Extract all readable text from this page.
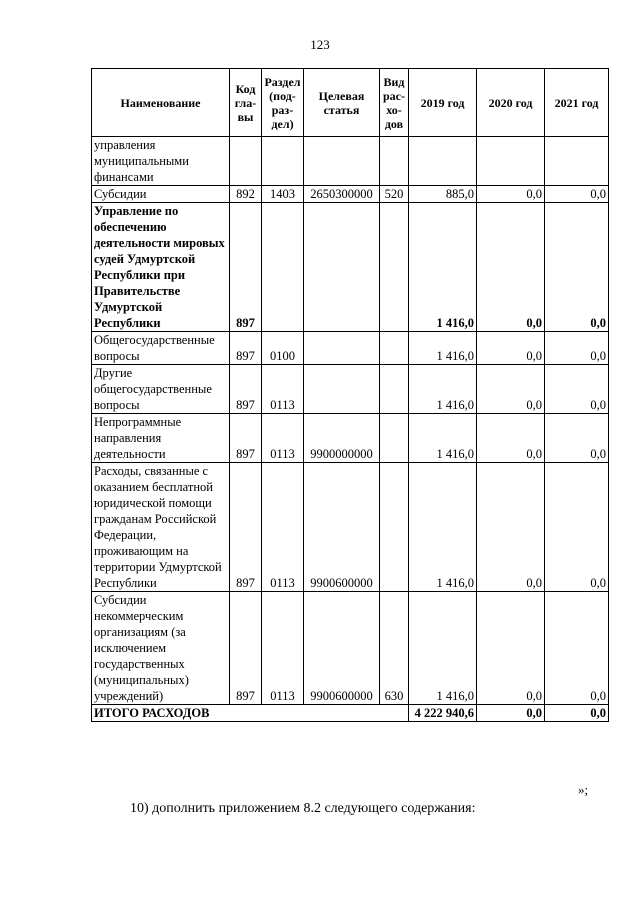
123
Наименование	Код гла-вы	Раздел (под-раз-дел)	Целевая статья	Вид рас-хо-дов	2019 год	2020 год	2021 год
управления муниципальными финансами							
Субсидии	892	1403	2650300000	520	885,0	0,0	0,0
Управление по обеспечению деятельности мировых судей Удмуртской Республики при Правительстве Удмуртской Республики	897				1 416,0	0,0	0,0
Общегосударственные вопросы	897	0100			1 416,0	0,0	0,0
Другие общегосударственные вопросы	897	0113			1 416,0	0,0	0,0
Непрограммные направления деятельности	897	0113	9900000000		1 416,0	0,0	0,0
Расходы, связанные с оказанием бесплатной юридической помощи гражданам Российской Федерации, проживающим на территории Удмуртской Республики	897	0113	9900600000		1 416,0	0,0	0,0
Субсидии некоммерческим организациям (за исключением государственных (муниципальных) учреждений)	897	0113	9900600000	630	1 416,0	0,0	0,0
ИТОГО РАСХОДОВ					4 222 940,6	0,0	0,0
»;
10) дополнить приложением 8.2 следующего содержания:
